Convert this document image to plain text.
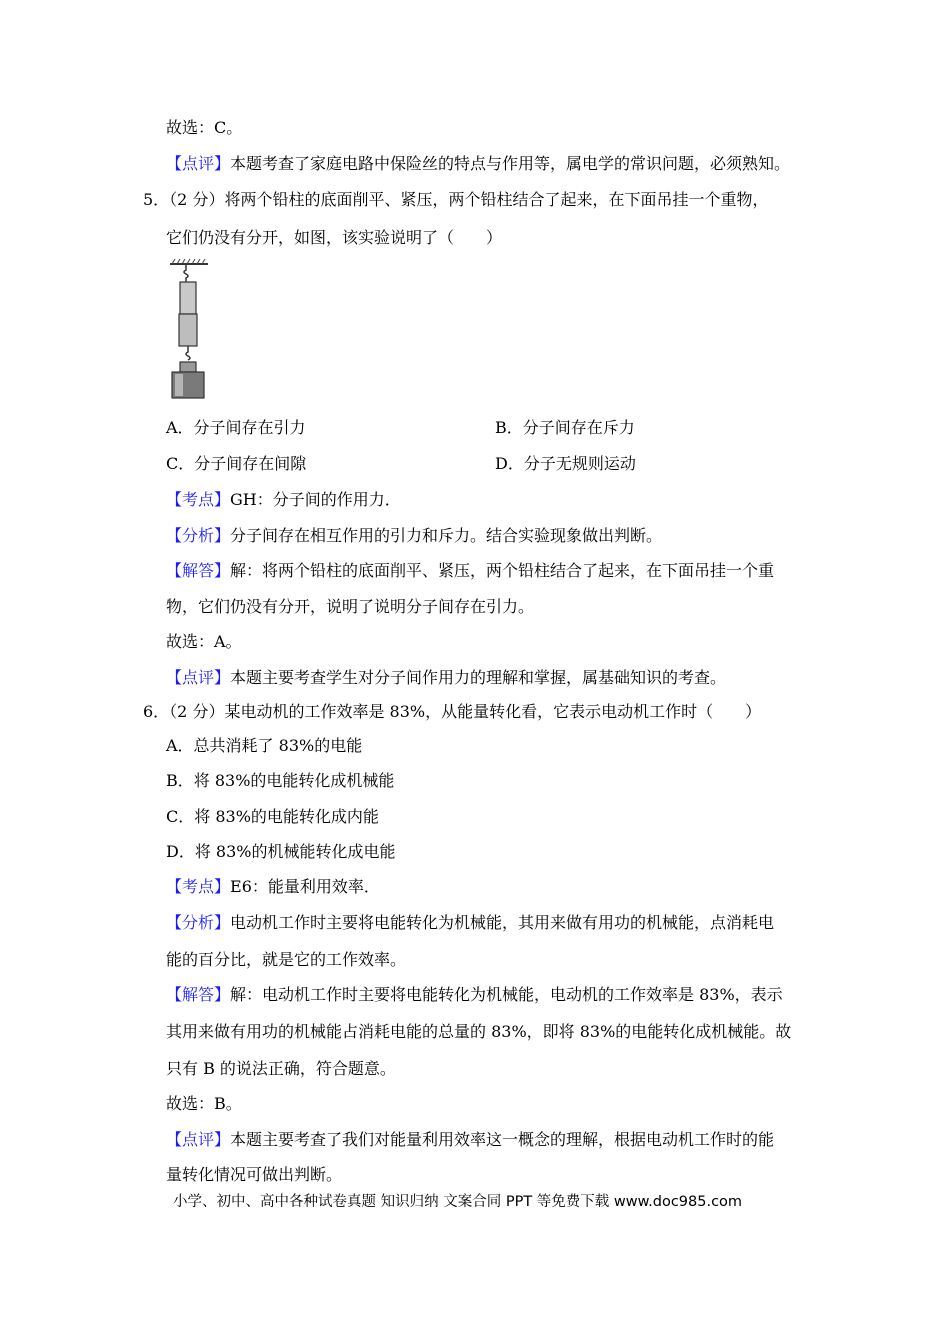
故选：C。
【点评】本题考查了家庭电路中保险丝的特点与作用等，属电学的常识问题，必须熟知。
5．（2 分）将两个铅柱的底面削平、紧压，两个铅柱结合了起来，在下面吊挂一个重物，
它们仍没有分开，如图，该实验说明了（　　）
A．分子间存在引力	B．分子间存在斥力
C．分子间存在间隙	D．分子无规则运动
【考点】GH：分子间的作用力．
【分析】分子间存在相互作用的引力和斥力。结合实验现象做出判断。
【解答】解：将两个铅柱的底面削平、紧压，两个铅柱结合了起来，在下面吊挂一个重
物，它们仍没有分开，说明了说明分子间存在引力。
故选：A。
【点评】本题主要考查学生对分子间作用力的理解和掌握，属基础知识的考查。
6．（2 分）某电动机的工作效率是 83%，从能量转化看，它表示电动机工作时（　　）
A．总共消耗了 83%的电能
B．将 83%的电能转化成机械能
C．将 83%的电能转化成内能
D．将 83%的机械能转化成电能
【考点】E6：能量利用效率．
【分析】电动机工作时主要将电能转化为机械能，其用来做有用功的机械能，点消耗电
能的百分比，就是它的工作效率。
【解答】解：电动机工作时主要将电能转化为机械能，电动机的工作效率是 83%，表示
其用来做有用功的机械能占消耗电能的总量的 83%，即将 83%的电能转化成机械能。故
只有 B 的说法正确，符合题意。
故选：B。
【点评】本题主要考查了我们对能量利用效率这一概念的理解，根据电动机工作时的能
量转化情况可做出判断。
小学、初中、高中各种试卷真题 知识归纳 文案合同 PPT 等免费下载 www.doc985.com
